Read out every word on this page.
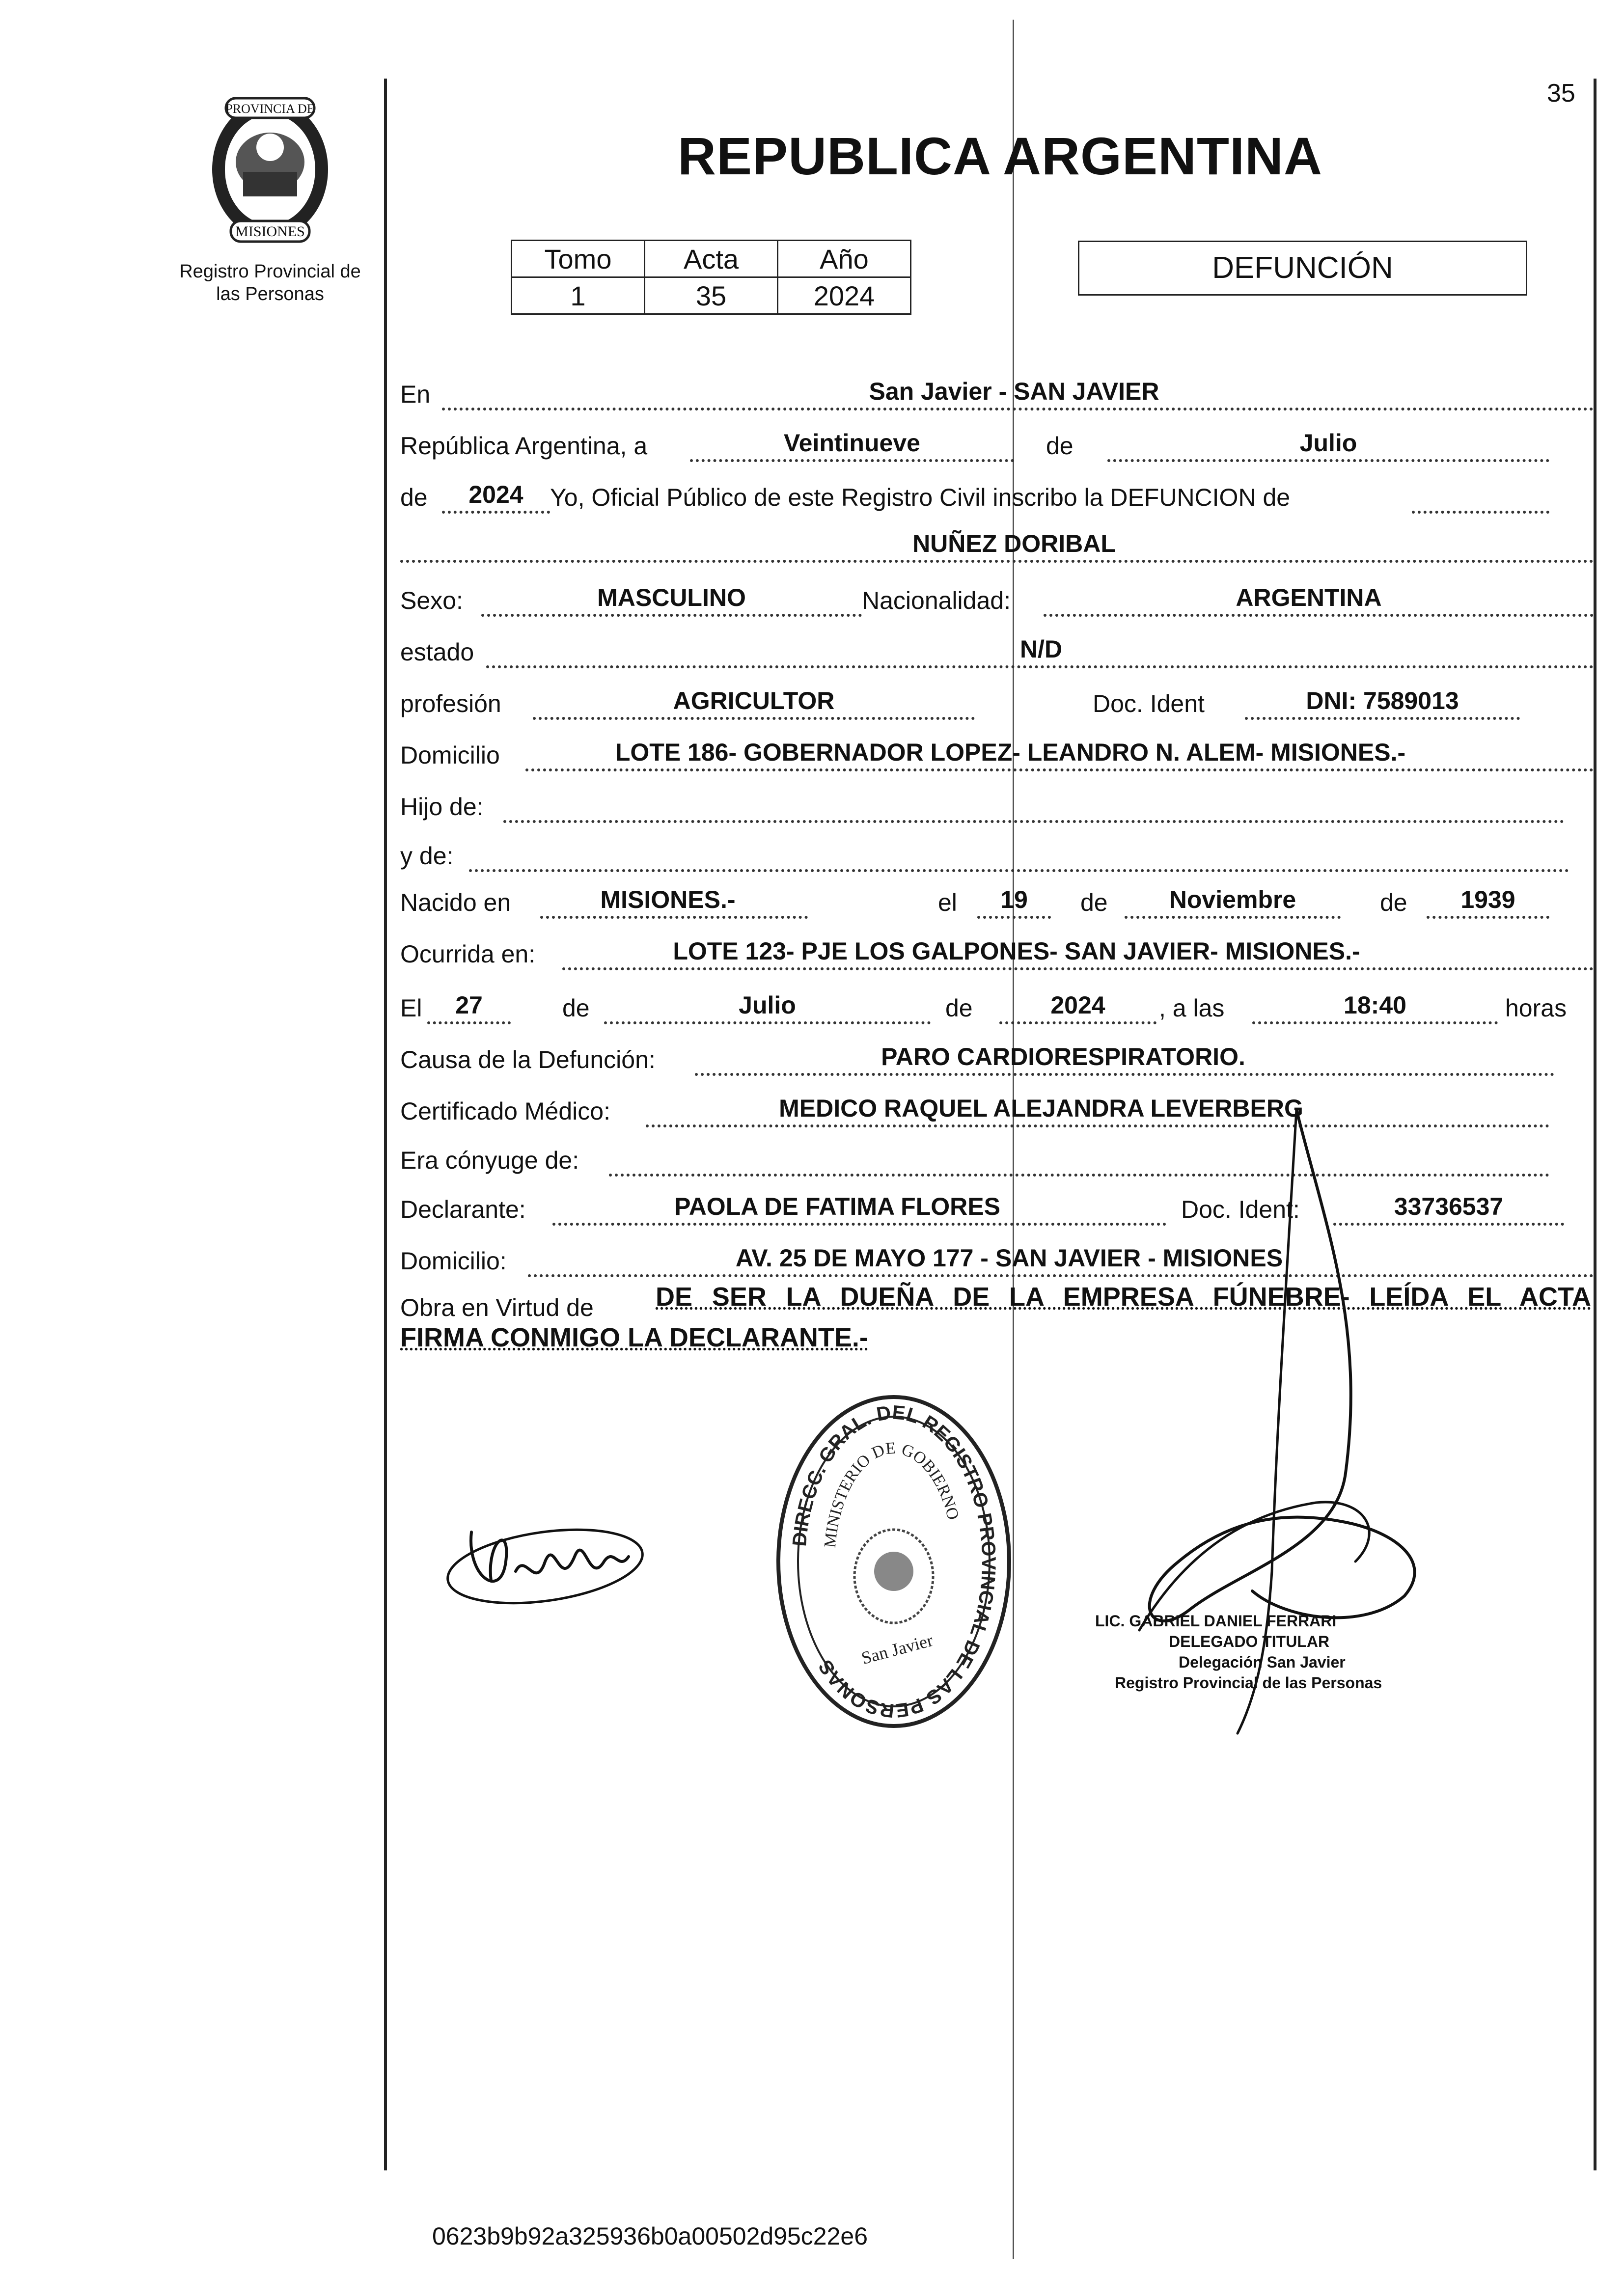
35
PROVINCIA DE
MISIONES
Registro Provincial de
las Personas
REPUBLICA ARGENTINA
Tomo	Acta	Año
1	35	2024
DEFUNCIÓN
En	San Javier - SAN JAVIER
República Argentina, a	Veintinueve	de	Julio
de	2024	Yo, Oficial Público de este Registro Civil inscribo la DEFUNCION de
NUÑEZ DORIBAL
Sexo:	MASCULINO	Nacionalidad:	ARGENTINA
estado	N/D
profesión	AGRICULTOR	Doc. Ident	DNI: 7589013
Domicilio	LOTE 186- GOBERNADOR LOPEZ- LEANDRO N. ALEM- MISIONES.-
Hijo de:
y de:
Nacido en	MISIONES.-	el	19	de	Noviembre	de	1939
Ocurrida en:	LOTE 123- PJE LOS GALPONES- SAN JAVIER- MISIONES.-
El	27	de	Julio	de	2024	, a las	18:40	horas
Causa de la Defunción:	PARO CARDIORESPIRATORIO.
Certificado Médico:	MEDICO RAQUEL ALEJANDRA LEVERBERG
Era cónyuge de:
Declarante:	PAOLA DE FATIMA FLORES	Doc. Ident:	33736537
Domicilio:	AV. 25 DE MAYO 177 - SAN JAVIER - MISIONES
Obra en Virtud de DE SER LA DUEÑA DE LA EMPRESA FÚNEBRE- LEÍDA EL ACTA
FIRMA CONMIGO LA DECLARANTE.-
DIRECC. GRAL. DEL REGISTRO PROVINCIAL DE LAS PERSONAS
MINISTERIO DE GOBIERNO
San Javier
LIC. GABRIEL DANIEL FERRARI
DELEGADO TITULAR
Delegación San Javier
Registro Provincial de las Personas
0623b9b92a325936b0a00502d95c22e6
